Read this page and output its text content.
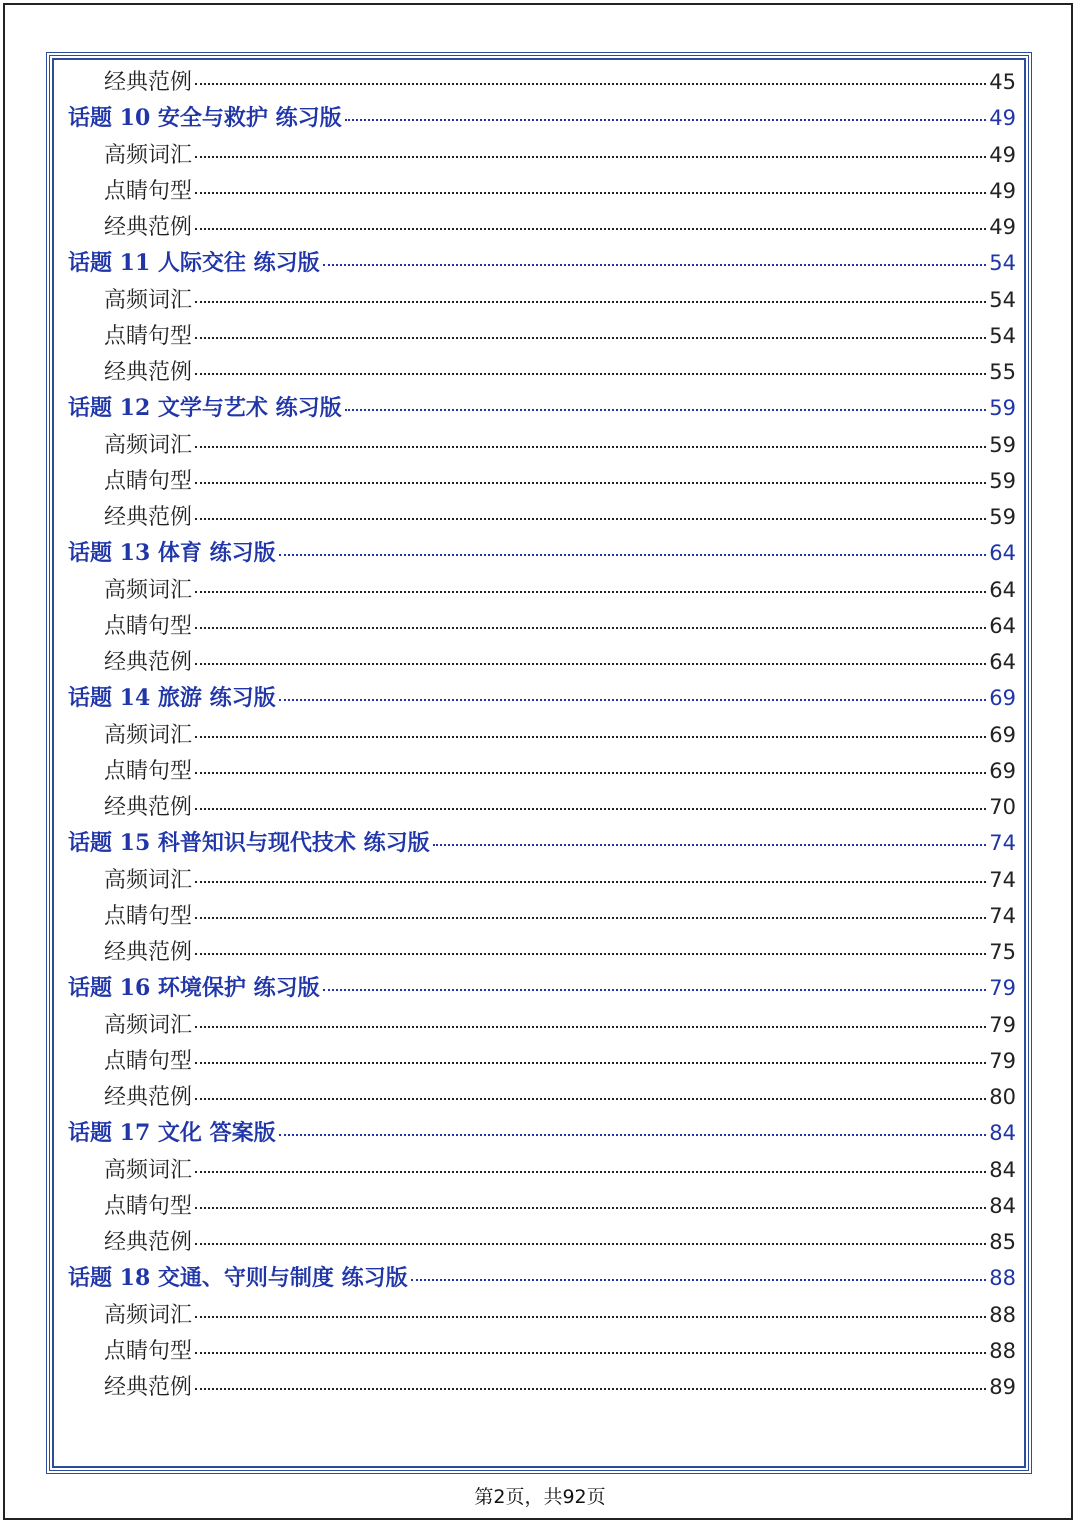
经典范例	45
话题 10 安全与救护 练习版	49
高频词汇	49
点睛句型	49
经典范例	49
话题 11 人际交往 练习版	54
高频词汇	54
点睛句型	54
经典范例	55
话题 12 文学与艺术 练习版	59
高频词汇	59
点睛句型	59
经典范例	59
话题 13 体育 练习版	64
高频词汇	64
点睛句型	64
经典范例	64
话题 14 旅游 练习版	69
高频词汇	69
点睛句型	69
经典范例	70
话题 15 科普知识与现代技术 练习版	74
高频词汇	74
点睛句型	74
经典范例	75
话题 16 环境保护 练习版	79
高频词汇	79
点睛句型	79
经典范例	80
话题 17 文化 答案版	84
高频词汇	84
点睛句型	84
经典范例	85
话题 18 交通、守则与制度 练习版	88
高频词汇	88
点睛句型	88
经典范例	89
第2页，共92页
